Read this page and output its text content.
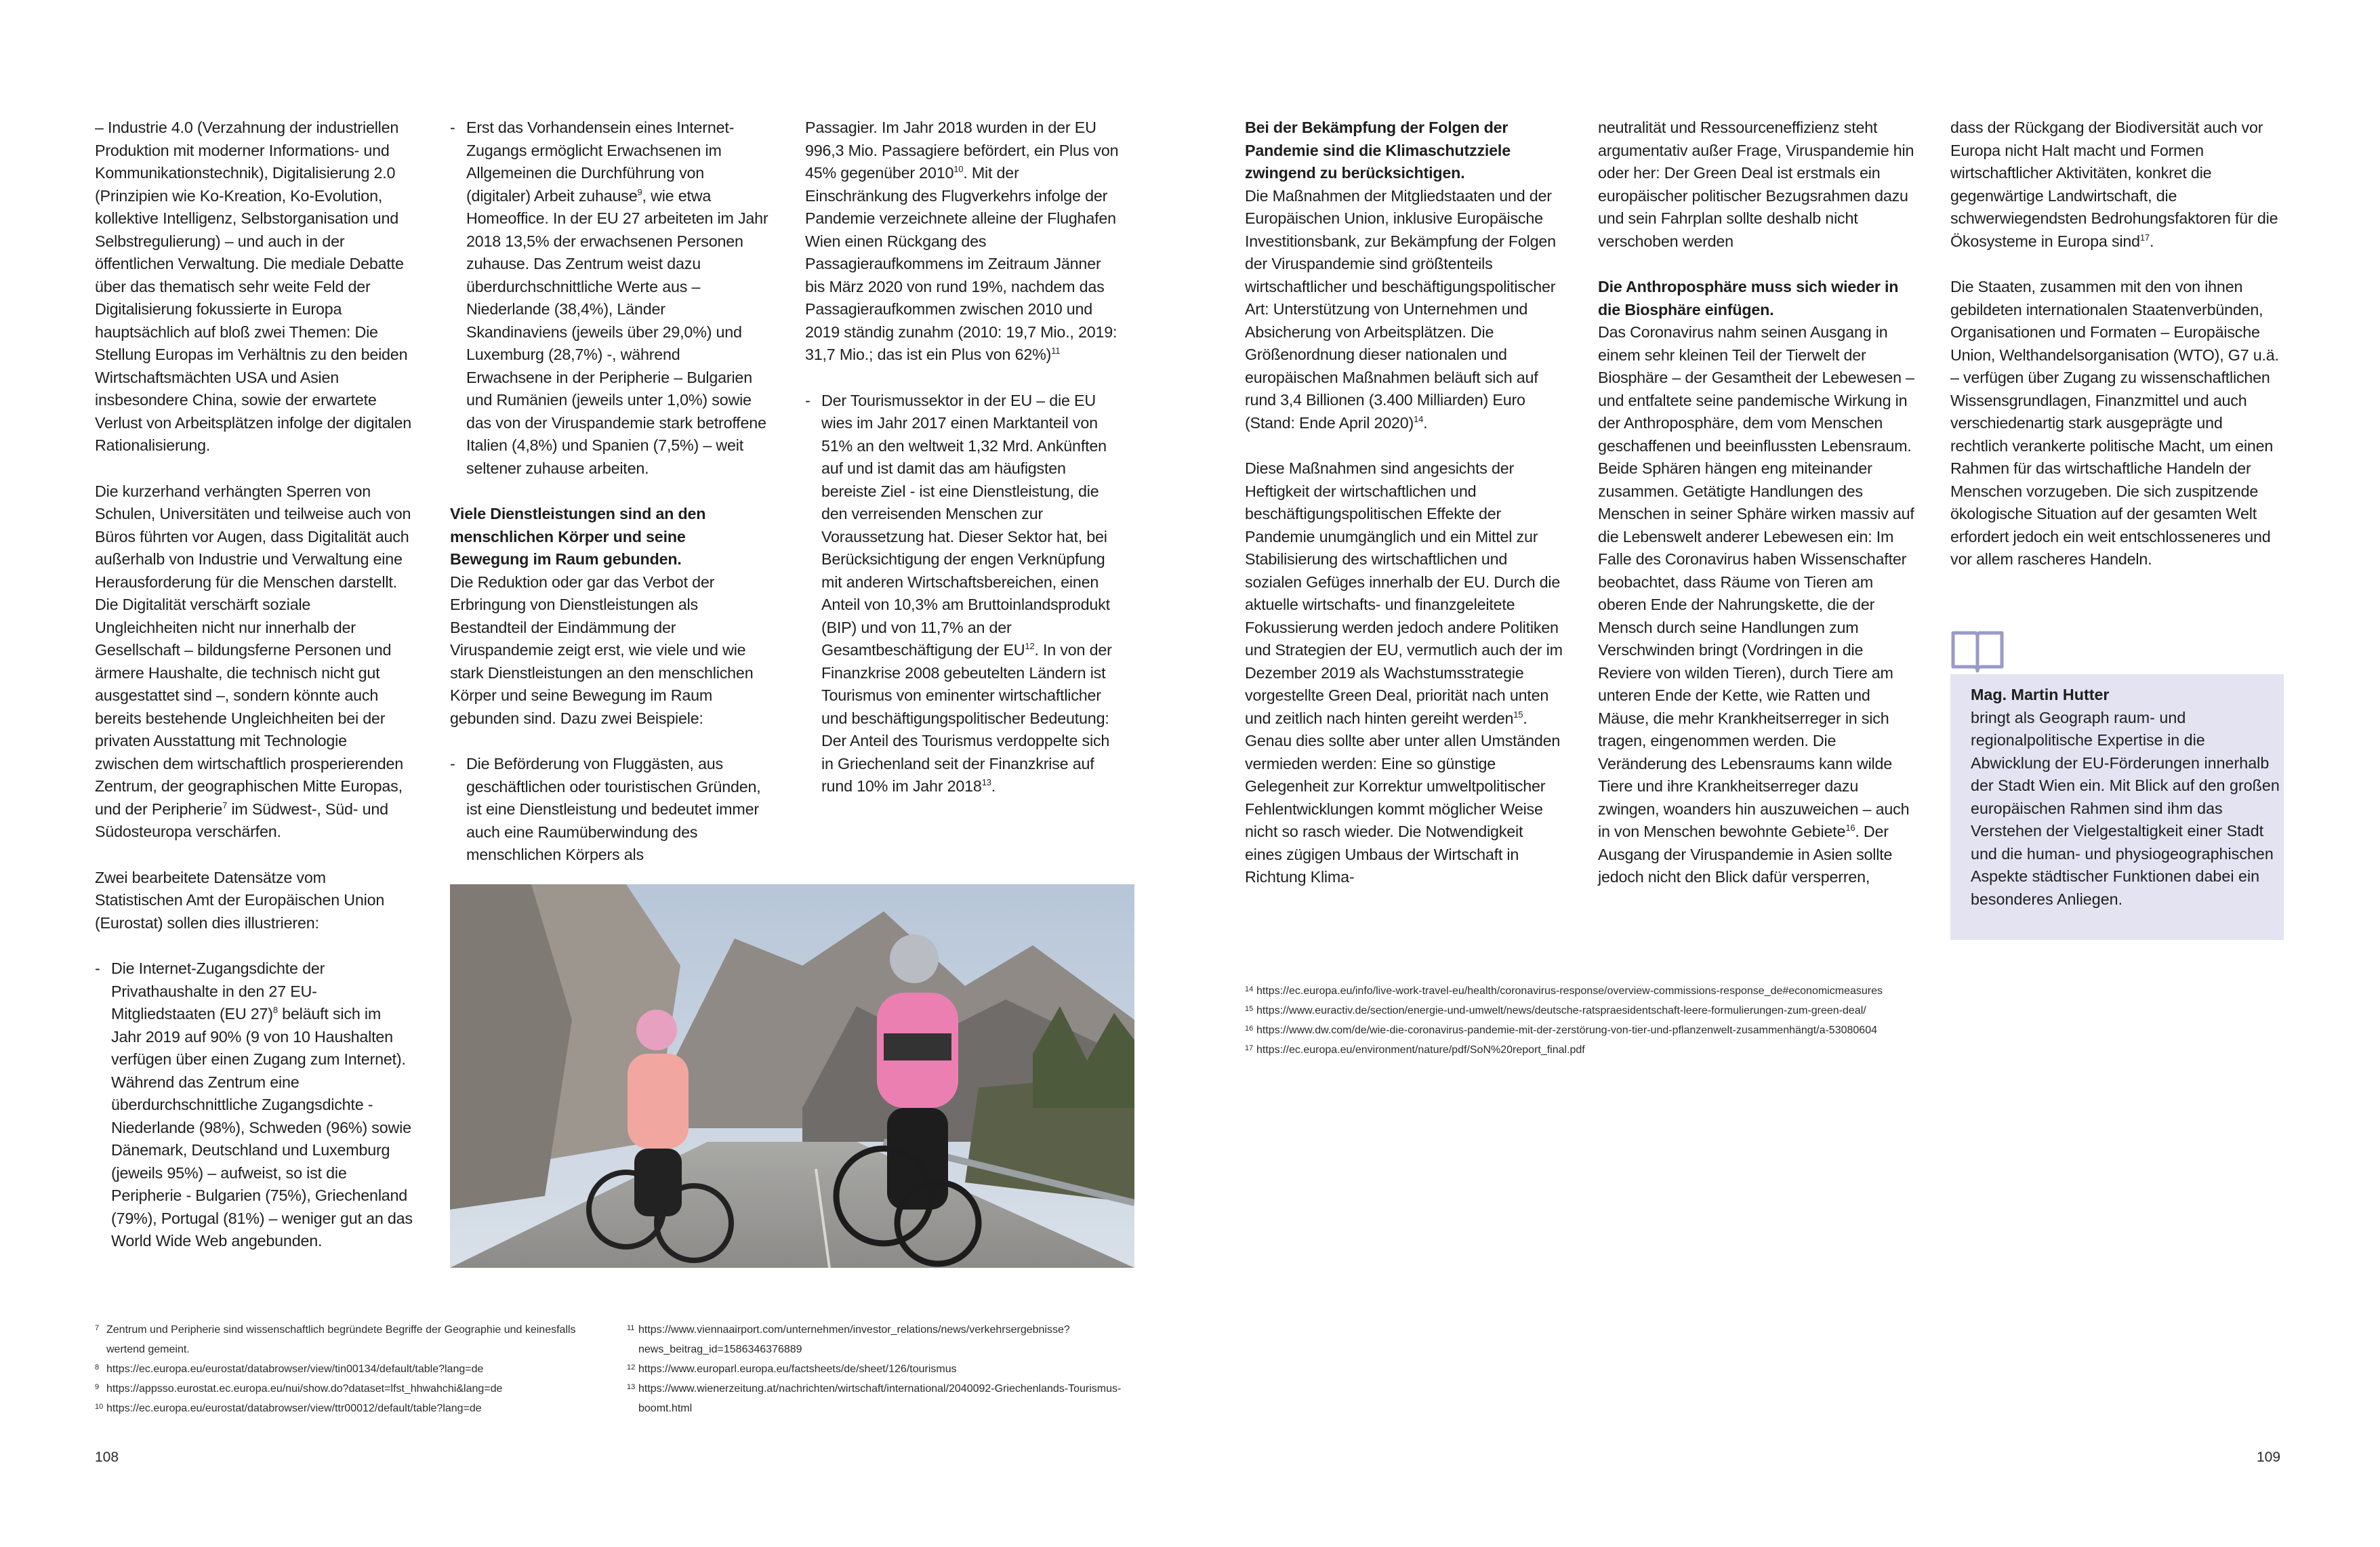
– Industrie 4.0 (Verzahnung der industriellen Produktion mit moderner Informations- und Kommunikationstechnik), Digitalisierung 2.0 (Prinzipien wie Ko-Kreation, Ko-Evolution, kollektive Intelligenz, Selbstorganisation und Selbstregulierung) – und auch in der öffentlichen Verwaltung. Die mediale Debatte über das thematisch sehr weite Feld der Digitalisierung fokussierte in Europa hauptsächlich auf bloß zwei Themen: Die Stellung Europas im Verhältnis zu den beiden Wirtschaftsmächten USA und Asien insbesondere China, sowie der erwartete Verlust von Arbeitsplätzen infolge der digitalen Rationalisierung.

Die kurzerhand verhängten Sperren von Schulen, Universitäten und teilweise auch von Büros führten vor Augen, dass Digitalität auch außerhalb von Industrie und Verwaltung eine Herausforderung für die Menschen darstellt. Die Digitalität verschärft soziale Ungleichheiten nicht nur innerhalb der Gesellschaft – bildungsferne Personen und ärmere Haushalte, die technisch nicht gut ausgestattet sind –, sondern könnte auch bereits bestehende Ungleichheiten bei der privaten Ausstattung mit Technologie zwischen dem wirtschaftlich prosperierenden Zentrum, der geographischen Mitte Europas, und der Peripherie$^7$ im Südwest-, Süd- und Südosteuropa verschärfen.

Zwei bearbeitete Datensätze vom Statistischen Amt der Europäischen Union (Eurostat) sollen dies illustrieren:

- Die Internet-Zugangsdichte der Privathaushalte in den 27 EU-Mitgliedstaaten (EU 27)$^8$ beläuft sich im Jahr 2019 auf 90% (9 von 10 Haushalten verfügen über einen Zugang zum Internet). Während das Zentrum eine überdurchschnittliche Zugangsdichte - Niederlande (98%), Schweden (96%) sowie Dänemark, Deutschland und Luxemburg (jeweils 95%) – aufweist, so ist die Peripherie - Bulgarien (75%), Griechenland (79%), Portugal (81%) – weniger gut an das World Wide Web angebunden.
- Erst das Vorhandensein eines Internet-Zugangs ermöglicht Erwachsenen im Allgemeinen die Durchführung von (digitaler) Arbeit zuhause$^9$, wie etwa Homeoffice. In der EU 27 arbeiteten im Jahr 2018 13,5% der erwachsenen Personen zuhause. Das Zentrum weist dazu überdurchschnittliche Werte aus – Niederlande (38,4%), Länder Skandinaviens (jeweils über 29,0%) und Luxemburg (28,7%) -, während Erwachsene in der Peripherie – Bulgarien und Rumänien (jeweils unter 1,0%) sowie das von der Viruspandemie stark betroffene Italien (4,8%) und Spanien (7,5%) – weit seltener zuhause arbeiten.

Viele Dienstleistungen sind an den menschlichen Körper und seine Bewegung im Raum gebunden.

Die Reduktion oder gar das Verbot der Erbringung von Dienstleistungen als Bestandteil der Eindämmung der Viruspandemie zeigt erst, wie viele und wie stark Dienstleistungen an den menschlichen Körper und seine Bewegung im Raum gebunden sind. Dazu zwei Beispiele:

- Die Beförderung von Fluggästen, aus geschäftlichen oder touristischen Gründen, ist eine Dienstleistung und bedeutet immer auch eine Raumüberwindung des menschlichen Körpers als

Passagier. Im Jahr 2018 wurden in der EU 996,3 Mio. Passagiere befördert, ein Plus von 45% gegenüber 2010$^{10}$. Mit der Einschränkung des Flugverkehrs infolge der Pandemie verzeichnete alleine der Flughafen Wien einen Rückgang des Passagieraufkommens im Zeitraum Jänner bis März 2020 von rund 19%, nachdem das Passagieraufkommen zwischen 2010 und 2019 ständig zunahm (2010: 19,7 Mio., 2019: 31,7 Mio.; das ist ein Plus von 62%)$^{11}$

- Der Tourismussektor in der EU – die EU wies im Jahr 2017 einen Marktanteil von 51% an den weltweit 1,32 Mrd. Ankünften auf und ist damit das am häufigsten bereiste Ziel - ist eine Dienstleistung, die den verreisenden Menschen zur Voraussetzung hat. Dieser Sektor hat, bei Berücksichtigung der engen Verknüpfung mit anderen Wirtschaftsbereichen, einen Anteil von 10,3% am Bruttoinlandsprodukt (BIP) und von 11,7% an der Gesamtbeschäftigung der EU$^{12}$. In von der Finanzkrise 2008 gebeutelten Ländern ist Tourismus von eminenter wirtschaftlicher und beschäftigungspolitischer Bedeutung: Der Anteil des Tourismus verdoppelte sich in Griechenland seit der Finanzkrise auf rund 10% im Jahr 2018$^{13}$.
7 Zentrum und Peripherie sind wissenschaftlich begründete Begriffe der Geographie und keinesfalls wertend gemeint.
8 https://ec.europa.eu/eurostat/databrowser/view/tin00134/default/table?lang=de
9 https://appsso.eurostat.ec.europa.eu/nui/show.do?dataset=lfst_hhwahchi&lang=de
10 https://ec.europa.eu/eurostat/databrowser/view/ttr00012/default/table?lang=de
11 https://www.viennaairport.com/unternehmen/investor_relations/news/verkehrsergebnisse?news_beitrag_id=1586346376889
12 https://www.europarl.europa.eu/factsheets/de/sheet/126/tourismus
13 https://www.wienerzeitung.at/nachrichten/wirtschaft/international/2040092-Griechenlands-Tourismus-boomt.html
108

Bei der Bekämpfung der Folgen der Pandemie sind die Klimaschutzziele zwingend zu berücksichtigen.

Die Maßnahmen der Mitgliedstaaten und der Europäischen Union, inklusive Europäische Investitionsbank, zur Bekämpfung der Folgen der Viruspandemie sind größtenteils wirtschaftlicher und beschäftigungspolitischer Art: Unterstützung von Unternehmen und Absicherung von Arbeitsplätzen. Die Größenordnung dieser nationalen und europäischen Maßnahmen beläuft sich auf rund 3,4 Billionen (3.400 Milliarden) Euro (Stand: Ende April 2020)$^{14}$.

Diese Maßnahmen sind angesichts der Heftigkeit der wirtschaftlichen und beschäftigungspolitischen Effekte der Pandemie unumgänglich und ein Mittel zur Stabilisierung des wirtschaftlichen und sozialen Gefüges innerhalb der EU. Durch die aktuelle wirtschafts- und finanzgeleitete Fokussierung werden jedoch andere Politiken und Strategien der EU, vermutlich auch der im Dezember 2019 als Wachstumsstrategie vorgestellte Green Deal, priorität nach unten und zeitlich nach hinten gereiht werden$^{15}$. Genau dies sollte aber unter allen Umständen vermieden werden: Eine so günstige Gelegenheit zur Korrektur umweltpolitischer Fehlentwicklungen kommt möglicher Weise nicht so rasch wieder. Die Notwendigkeit eines zügigen Umbaus der Wirtschaft in Richtung Klima-

neutralität und Ressourceneffizienz steht argumentativ außer Frage, Viruspandemie hin oder her: Der Green Deal ist erstmals ein europäischer politischer Bezugsrahmen dazu und sein Fahrplan sollte deshalb nicht verschoben werden

Die Anthroposphäre muss sich wieder in die Biosphäre einfügen.

Das Coronavirus nahm seinen Ausgang in einem sehr kleinen Teil der Tierwelt der Biosphäre – der Gesamtheit der Lebewesen – und entfaltete seine pandemische Wirkung in der Anthroposphäre, dem vom Menschen geschaffenen und beeinflussten Lebensraum. Beide Sphären hängen eng miteinander zusammen. Getätigte Handlungen des Menschen in seiner Sphäre wirken massiv auf die Lebenswelt anderer Lebewesen ein: Im Falle des Coronavirus haben Wissenschafter beobachtet, dass Räume von Tieren am oberen Ende der Nahrungskette, die der Mensch durch seine Handlungen zum Verschwinden bringt (Vordringen in die Reviere von wilden Tieren), durch Tiere am unteren Ende der Kette, wie Ratten und Mäuse, die mehr Krankheitserreger in sich tragen, eingenommen werden. Die Veränderung des Lebensraums kann wilde Tiere und ihre Krankheitserreger dazu zwingen, woanders hin auszuweichen – auch in von Menschen bewohnte Gebiete$^{16}$. Der Ausgang der Viruspandemie in Asien sollte jedoch nicht den Blick dafür versperren,

dass der Rückgang der Biodiversität auch vor Europa nicht Halt macht und Formen wirtschaftlicher Aktivitäten, konkret die gegenwärtige Landwirtschaft, die schwerwiegendsten Bedrohungsfaktoren für die Ökosysteme in Europa sind$^{17}$.

Die Staaten, zusammen mit den von ihnen gebildeten internationalen Staatenverbünden, Organisationen und Formaten – Europäische Union, Welthandelsorganisation (WTO), G7 u.ä. – verfügen über Zugang zu wissenschaftlichen Wissensgrundlagen, Finanzmittel und auch verschiedenartig stark ausgeprägte und rechtlich verankerte politische Macht, um einen Rahmen für das wirtschaftliche Handeln der Menschen vorzugeben. Die sich zuspitzende ökologische Situation auf der gesamten Welt erfordert jedoch ein weit entschlosseneres und vor allem rascheres Handeln.

Mag. Martin Hutter
bringt als Geograph raum- und regionalpolitische Expertise in die Abwicklung der EU-Förderungen innerhalb der Stadt Wien ein. Mit Blick auf den großen europäischen Rahmen sind ihm das Verstehen der Vielgestaltigkeit einer Stadt und die human- und physiogeographischen Aspekte städtischer Funktionen dabei ein besonderes Anliegen.
14 https://ec.europa.eu/info/live-work-travel-eu/health/coronavirus-response/overview-commissions-response_de#economicmeasures
15 https://www.euractiv.de/section/energie-und-umwelt/news/deutsche-ratspraesidentschaft-leere-formulierungen-zum-green-deal/
16 https://www.dw.com/de/wie-die-coronavirus-pandemie-mit-der-zerstörung-von-tier-und-pflanzenwelt-zusammenhängt/a-53080604
17 https://ec.europa.eu/environment/nature/pdf/SoN%20report_final.pdf
109
